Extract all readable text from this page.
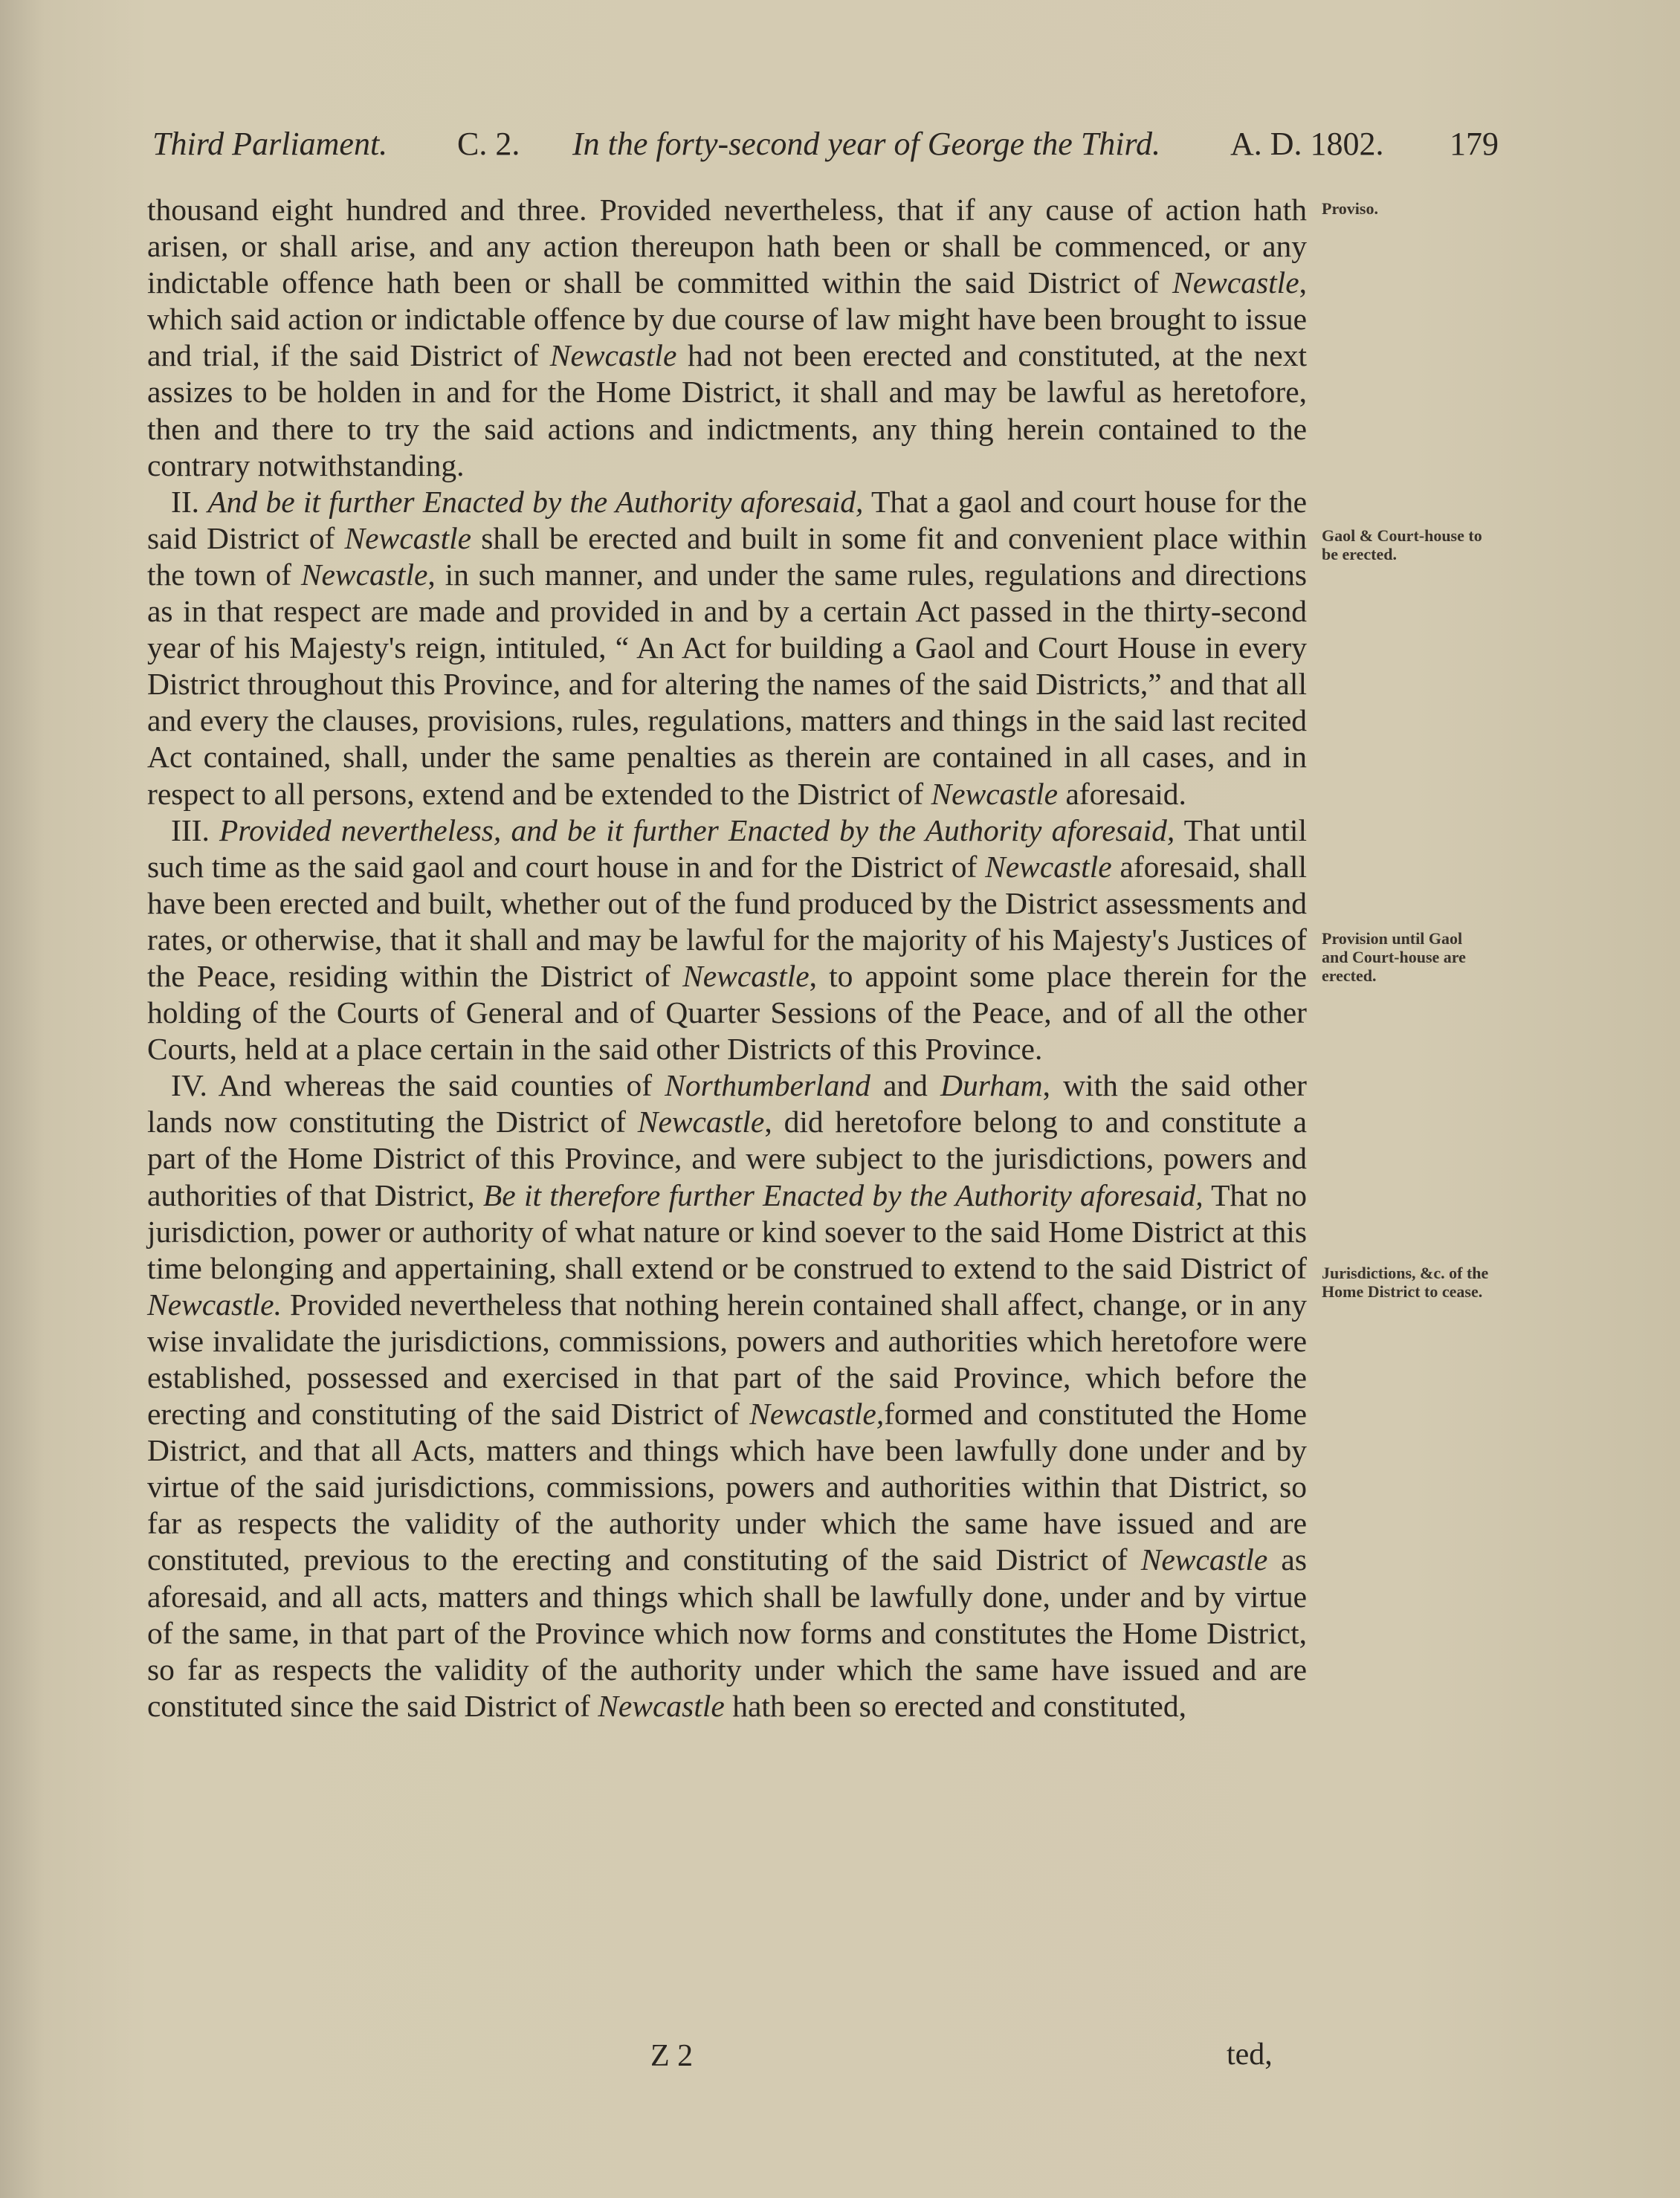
Third Parliament. C. 2. In the forty-second year of George the Third. A. D. 1802. 179

thousand eight hundred and three. Provided nevertheless, that if any cause of action hath arisen, or shall arise, and any action thereupon hath been or shall be commenced, or any indictable offence hath been or shall be committed within the said District of Newcastle, which said action or indictable offence by due course of law might have been brought to issue and trial, if the said District of Newcastle had not been erected and constituted, at the next assizes to be holden in and for the Home District, it shall and may be lawful as heretofore, then and there to try the said actions and indictments, any thing herein contained to the contrary notwithstanding.

II. And be it further Enacted by the Authority aforesaid, That a gaol and court house for the said District of Newcastle shall be erected and built in some fit and convenient place within the town of Newcastle, in such manner, and under the same rules, regulations and directions as in that respect are made and provided in and by a certain Act passed in the thirty-second year of his Majesty's reign, intituled, “ An Act for building a Gaol and Court House in every District throughout this Province, and for altering the names of the said Districts,” and that all and every the clauses, provisions, rules, regulations, matters and things in the said last recited Act contained, shall, under the same penalties as therein are contained in all cases, and in respect to all persons, extend and be extended to the District of Newcastle aforesaid.

III. Provided nevertheless, and be it further Enacted by the Authority aforesaid, That until such time as the said gaol and court house in and for the District of Newcastle aforesaid, shall have been erected and built, whether out of the fund produced by the District assessments and rates, or otherwise, that it shall and may be lawful for the majority of his Majesty's Justices of the Peace, residing within the District of Newcastle, to appoint some place therein for the holding of the Courts of General and of Quarter Sessions of the Peace, and of all the other Courts, held at a place certain in the said other Districts of this Province.

IV. And whereas the said counties of Northumberland and Durham, with the said other lands now constituting the District of Newcastle, did heretofore belong to and constitute a part of the Home District of this Province, and were subject to the jurisdictions, powers and authorities of that District, Be it therefore further Enacted by the Authority aforesaid, That no jurisdiction, power or authority of what nature or kind soever to the said Home District at this time belonging and appertaining, shall extend or be construed to extend to the said District of Newcastle. Provided nevertheless that nothing herein contained shall affect, change, or in any wise invalidate the jurisdictions, commissions, powers and authorities which heretofore were established, possessed and exercised in that part of the said Province, which before the erecting and constituting of the said District of Newcastle,formed and constituted the Home District, and that all Acts, matters and things which have been lawfully done under and by virtue of the said jurisdictions, commissions, powers and authorities within that District, so far as respects the validity of the authority under which the same have issued and are constituted, previous to the erecting and constituting of the said District of Newcastle as aforesaid, and all acts, matters and things which shall be lawfully done, under and by virtue of the same, in that part of the Province which now forms and constitutes the Home District, so far as respects the validity of the authority under which the same have issued and are constituted since the said District of Newcastle hath been so erected and constituted,

Proviso.
Gaol & Court-house to be erected.
Provision until Gaol and Court-house are erected.
Jurisdictions, &c. of the Home District to cease.
Z 2	ted,
